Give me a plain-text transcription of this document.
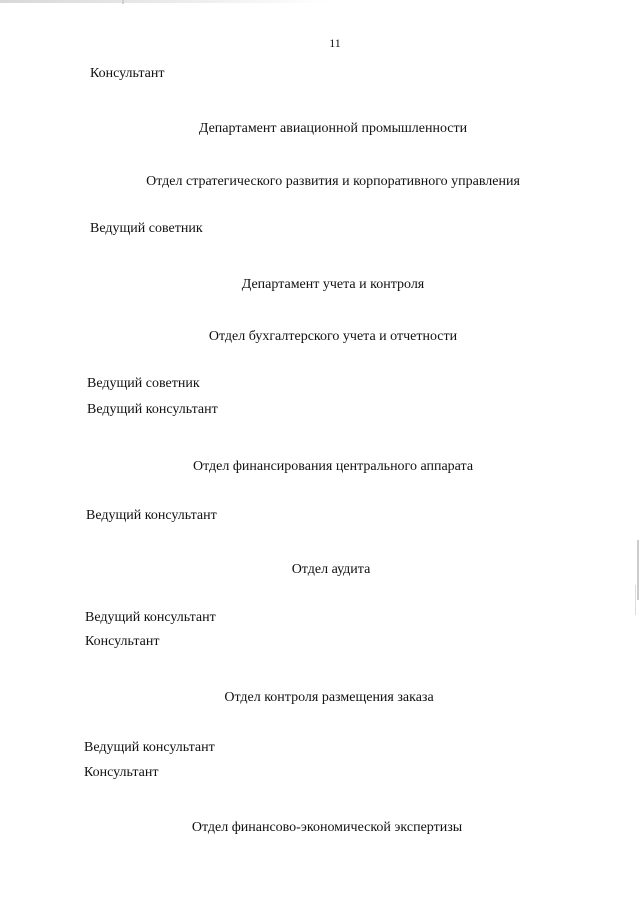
11
Консультант
Департамент авиационной промышленности
Отдел стратегического развития и корпоративного управления
Ведущий советник
Департамент учета и контроля
Отдел бухгалтерского учета и отчетности
Ведущий советник
Ведущий консультант
Отдел финансирования центрального аппарата
Ведущий консультант
Отдел аудита
Ведущий консультант
Консультант
Отдел контроля размещения заказа
Ведущий консультант
Консультант
Отдел финансово-экономической экспертизы
